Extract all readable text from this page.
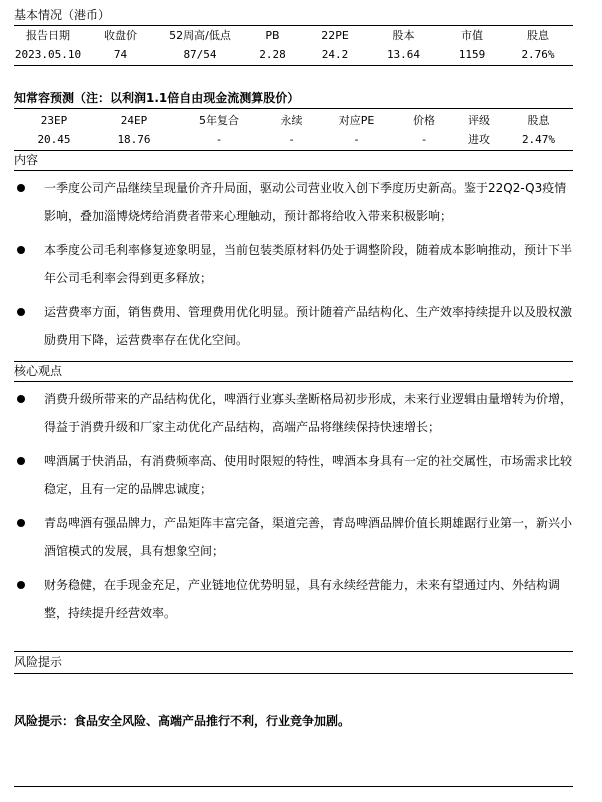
基本情况（港币）
报告日期	收盘价	52周高/低点	PB	22PE	股本	市值	股息
2023.05.10	74	87/54	2.28	24.2	13.64	1159	2.76%
知常容预测（注：以利润1.1倍自由现金流测算股价）
23EP	24EP	5年复合	永续	对应PE	价格	评级	股息
20.45	18.76	-	-	-	-	进攻	2.47%
内容
一季度公司产品继续呈现量价齐升局面，驱动公司营业收入创下季度历史新高。鉴于22Q2-Q3疫情影响，叠加淄博烧烤给消费者带来心理触动，预计都将给收入带来积极影响；
本季度公司毛利率修复迹象明显，当前包装类原材料仍处于调整阶段，随着成本影响推动，预计下半年公司毛利率会得到更多释放；
运营费率方面，销售费用、管理费用优化明显。预计随着产品结构化、生产效率持续提升以及股权激励费用下降，运营费率存在优化空间。
核心观点
消费升级所带来的产品结构优化，啤酒行业寡头垄断格局初步形成，未来行业逻辑由量增转为价增，得益于消费升级和厂家主动优化产品结构，高端产品将继续保持快速增长；
啤酒属于快消品，有消费频率高、使用时限短的特性，啤酒本身具有一定的社交属性，市场需求比较稳定，且有一定的品牌忠诚度；
青岛啤酒有强品牌力，产品矩阵丰富完备，渠道完善，青岛啤酒品牌价值长期雄踞行业第一，新兴小酒馆模式的发展，具有想象空间；
财务稳健，在手现金充足，产业链地位优势明显，具有永续经营能力，未来有望通过内、外结构调整，持续提升经营效率。
风险提示
风险提示：食品安全风险、高端产品推行不利，行业竞争加剧。
